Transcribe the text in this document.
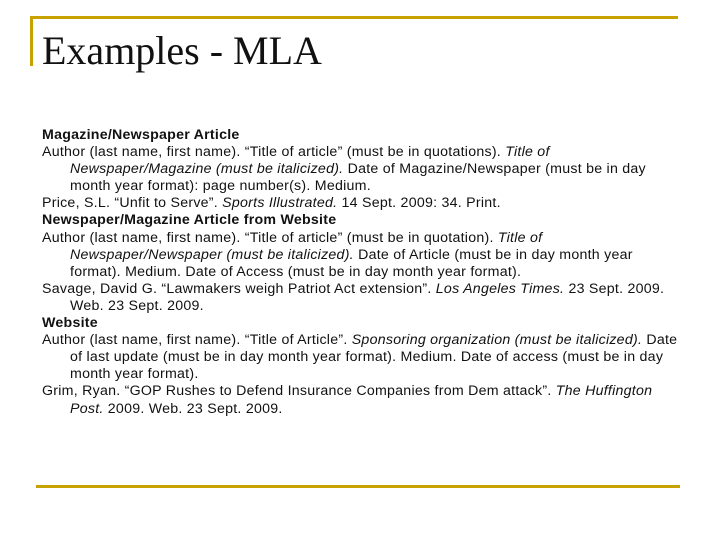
Examples - MLA

Magazine/Newspaper Article

Author (last name, first name). “Title of article” (must be in quotations). Title of Newspaper/Magazine (must be italicized). Date of Magazine/Newspaper (must be in day month year format): page number(s). Medium.

Price, S.L. “Unfit to Serve”. Sports Illustrated. 14 Sept. 2009: 34. Print.

Newspaper/Magazine Article from Website

Author (last name, first name). “Title of article” (must be in quotation). Title of Newspaper/Newspaper (must be italicized). Date of Article (must be in day month year format). Medium. Date of Access (must be in day month year format).

Savage, David G. “Lawmakers weigh Patriot Act extension”. Los Angeles Times. 23 Sept. 2009. Web. 23 Sept. 2009.

Website

Author (last name, first name). “Title of Article”. Sponsoring organization (must be italicized). Date of last update (must be in day month year format). Medium. Date of access (must be in day month year format).

Grim, Ryan. “GOP Rushes to Defend Insurance Companies from Dem attack”. The Huffington Post. 2009. Web. 23 Sept. 2009.
